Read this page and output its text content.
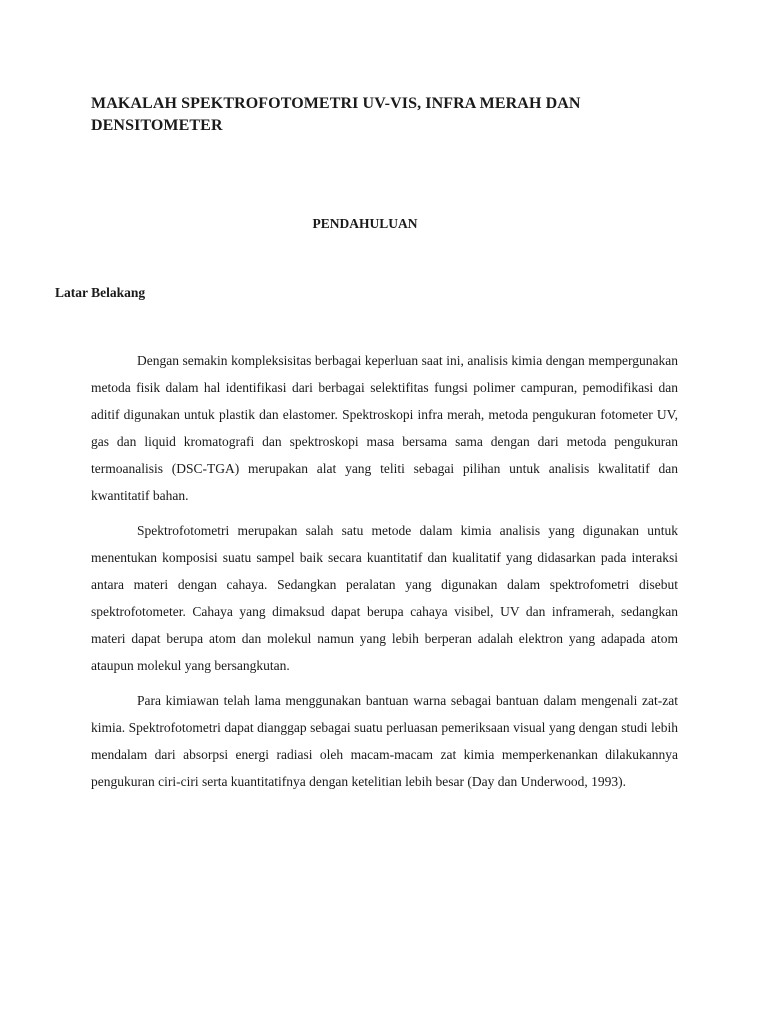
MAKALAH SPEKTROFOTOMETRI UV-VIS, INFRA MERAH DAN DENSITOMETER
PENDAHULUAN
Latar Belakang

Dengan semakin kompleksisitas berbagai keperluan saat ini, analisis kimia dengan mempergunakan metoda fisik dalam hal identifikasi dari berbagai selektifitas fungsi polimer campuran, pemodifikasi dan aditif digunakan untuk plastik dan elastomer. Spektroskopi infra merah, metoda pengukuran fotometer UV, gas dan liquid kromatografi dan spektroskopi masa bersama sama dengan dari metoda pengukuran termoanalisis (DSC-TGA) merupakan alat yang teliti sebagai pilihan untuk analisis kwalitatif dan kwantitatif bahan.

Spektrofotometri merupakan salah satu metode dalam kimia analisis yang digunakan untuk menentukan komposisi suatu sampel baik secara kuantitatif dan kualitatif yang didasarkan pada interaksi antara materi dengan cahaya. Sedangkan peralatan yang digunakan dalam spektrofometri disebut spektrofotometer. Cahaya yang dimaksud dapat berupa cahaya visibel, UV dan inframerah, sedangkan materi dapat berupa atom dan molekul namun yang lebih berperan adalah elektron yang adapada atom ataupun molekul yang bersangkutan.

Para kimiawan telah lama menggunakan bantuan warna sebagai bantuan dalam mengenali zat-zat kimia. Spektrofotometri dapat dianggap sebagai suatu perluasan pemeriksaan visual yang dengan studi lebih mendalam dari absorpsi energi radiasi oleh macam-macam zat kimia memperkenankan dilakukannya pengukuran ciri-ciri serta kuantitatifnya dengan ketelitian lebih besar (Day dan Underwood, 1993).
